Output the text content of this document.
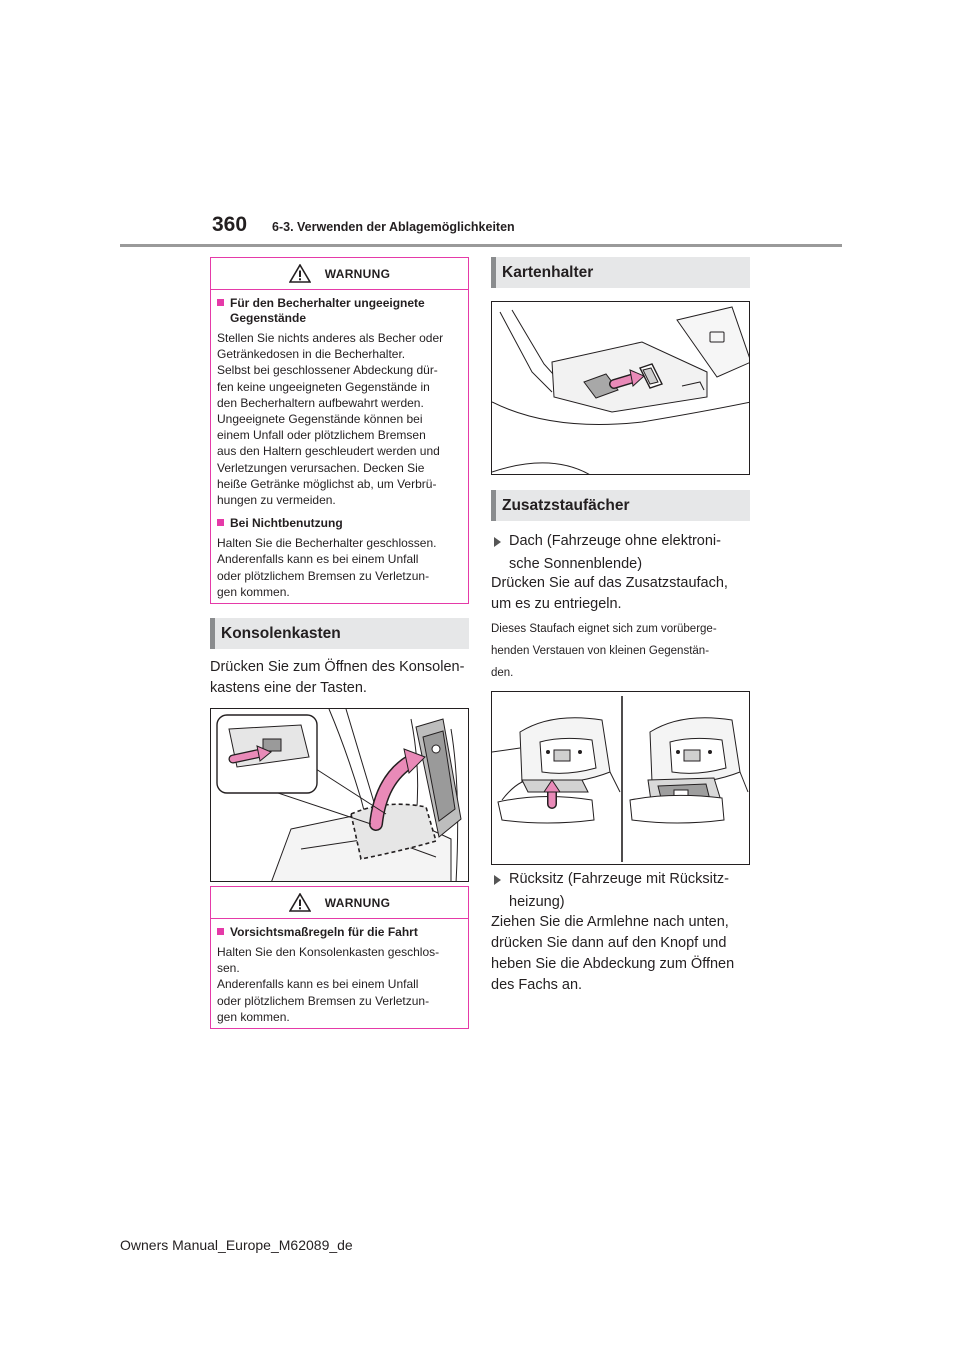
360 6-3. Verwenden der Ablagemöglichkeiten
WARNUNG
Für den Becherhalter ungeeignete Gegenstände
Stellen Sie nichts anderes als Becher oder
Getränkedosen in die Becherhalter.
Selbst bei geschlossener Abdeckung dür-
fen keine ungeeigneten Gegenstände in
den Becherhaltern aufbewahrt werden.
Ungeeignete Gegenstände können bei
einem Unfall oder plötzlichem Bremsen
aus den Haltern geschleudert werden und
Verletzungen verursachen. Decken Sie
heiße Getränke möglichst ab, um Verbrü-
hungen zu vermeiden.
Bei Nichtbenutzung
Halten Sie die Becherhalter geschlossen.
Anderenfalls kann es bei einem Unfall
oder plötzlichem Bremsen zu Verletzun-
gen kommen.
Konsolenkasten
Drücken Sie zum Öffnen des Konsolen-
kastens eine der Tasten.
WARNUNG
Vorsichtsmaßregeln für die Fahrt
Halten Sie den Konsolenkasten geschlos-
sen.
Anderenfalls kann es bei einem Unfall
oder plötzlichem Bremsen zu Verletzun-
gen kommen.
Kartenhalter
Zusatzstaufächer
Dach (Fahrzeuge ohne elektroni-
sche Sonnenblende)
Drücken Sie auf das Zusatzstaufach,
um es zu entriegeln.
Dieses Staufach eignet sich zum vorüberge-
henden Verstauen von kleinen Gegenstän-
den.
Rücksitz (Fahrzeuge mit Rücksitz-
heizung)
Ziehen Sie die Armlehne nach unten,
drücken Sie dann auf den Knopf und
heben Sie die Abdeckung zum Öffnen
des Fachs an.
Owners Manual_Europe_M62089_de
